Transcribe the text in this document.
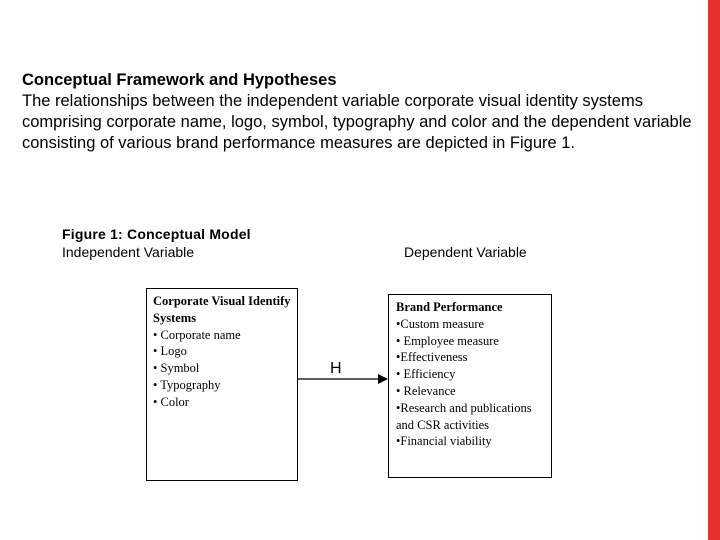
Conceptual Framework and Hypotheses
The relationships between the independent variable corporate visual identity systems comprising corporate name, logo, symbol, typography and color and the dependent variable consisting of various brand performance measures are depicted in Figure 1.
Figure 1: Conceptual Model
Independent Variable	Dependent Variable
Corporate Visual Identify Systems
• Corporate name
• Logo
• Symbol
• Typography
• Color
H
Brand Performance
•Custom measure
• Employee measure
•Effectiveness
• Efficiency
• Relevance
•Research and publications and CSR activities
•Financial viability
